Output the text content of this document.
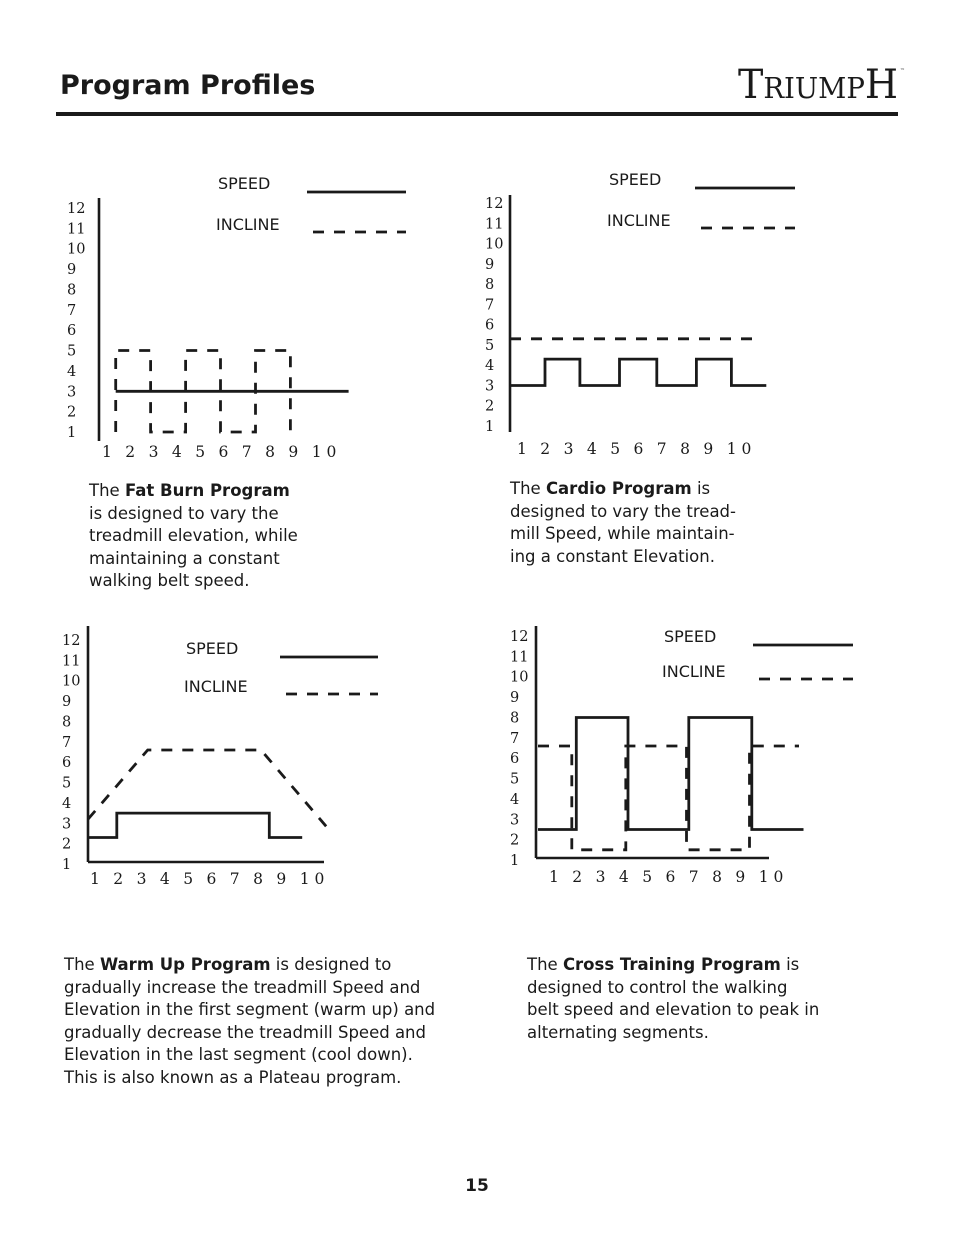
Program Profiles	TRIUMPH ™
1
2
3
4
5
6
7
8
9
10
11
12
1 2 3 4 5 6 7 8 9 1 0
SPEED
INCLINE
1
2
3
4
5
6
7
8
9
10
11
12
1 2 3 4 5 6 7 8 9 1 0
SPEED
INCLINE
1
2
3
4
5
6
7
8
9
10
11
12
1 2 3 4 5 6 7 8 9 1 0
SPEED
INCLINE
1
2
3
4
5
6
7
8
9
10
11
12
1 2 3 4 5 6 7 8 9 1 0
SPEED
INCLINE

The Fat Burn Program
is designed to vary the
treadmill elevation, while
maintaining a constant
walking belt speed.

The Cardio Program is
designed to vary the tread-
mill Speed, while maintain-
ing a constant Elevation.

The Warm Up Program is designed to
gradually increase the treadmill Speed and
Elevation in the first segment (warm up) and
gradually decrease the treadmill Speed and
Elevation in the last segment (cool down).
This is also known as a Plateau program.

The Cross Training Program is
designed to control the walking
belt speed and elevation to peak in
alternating segments.

15
